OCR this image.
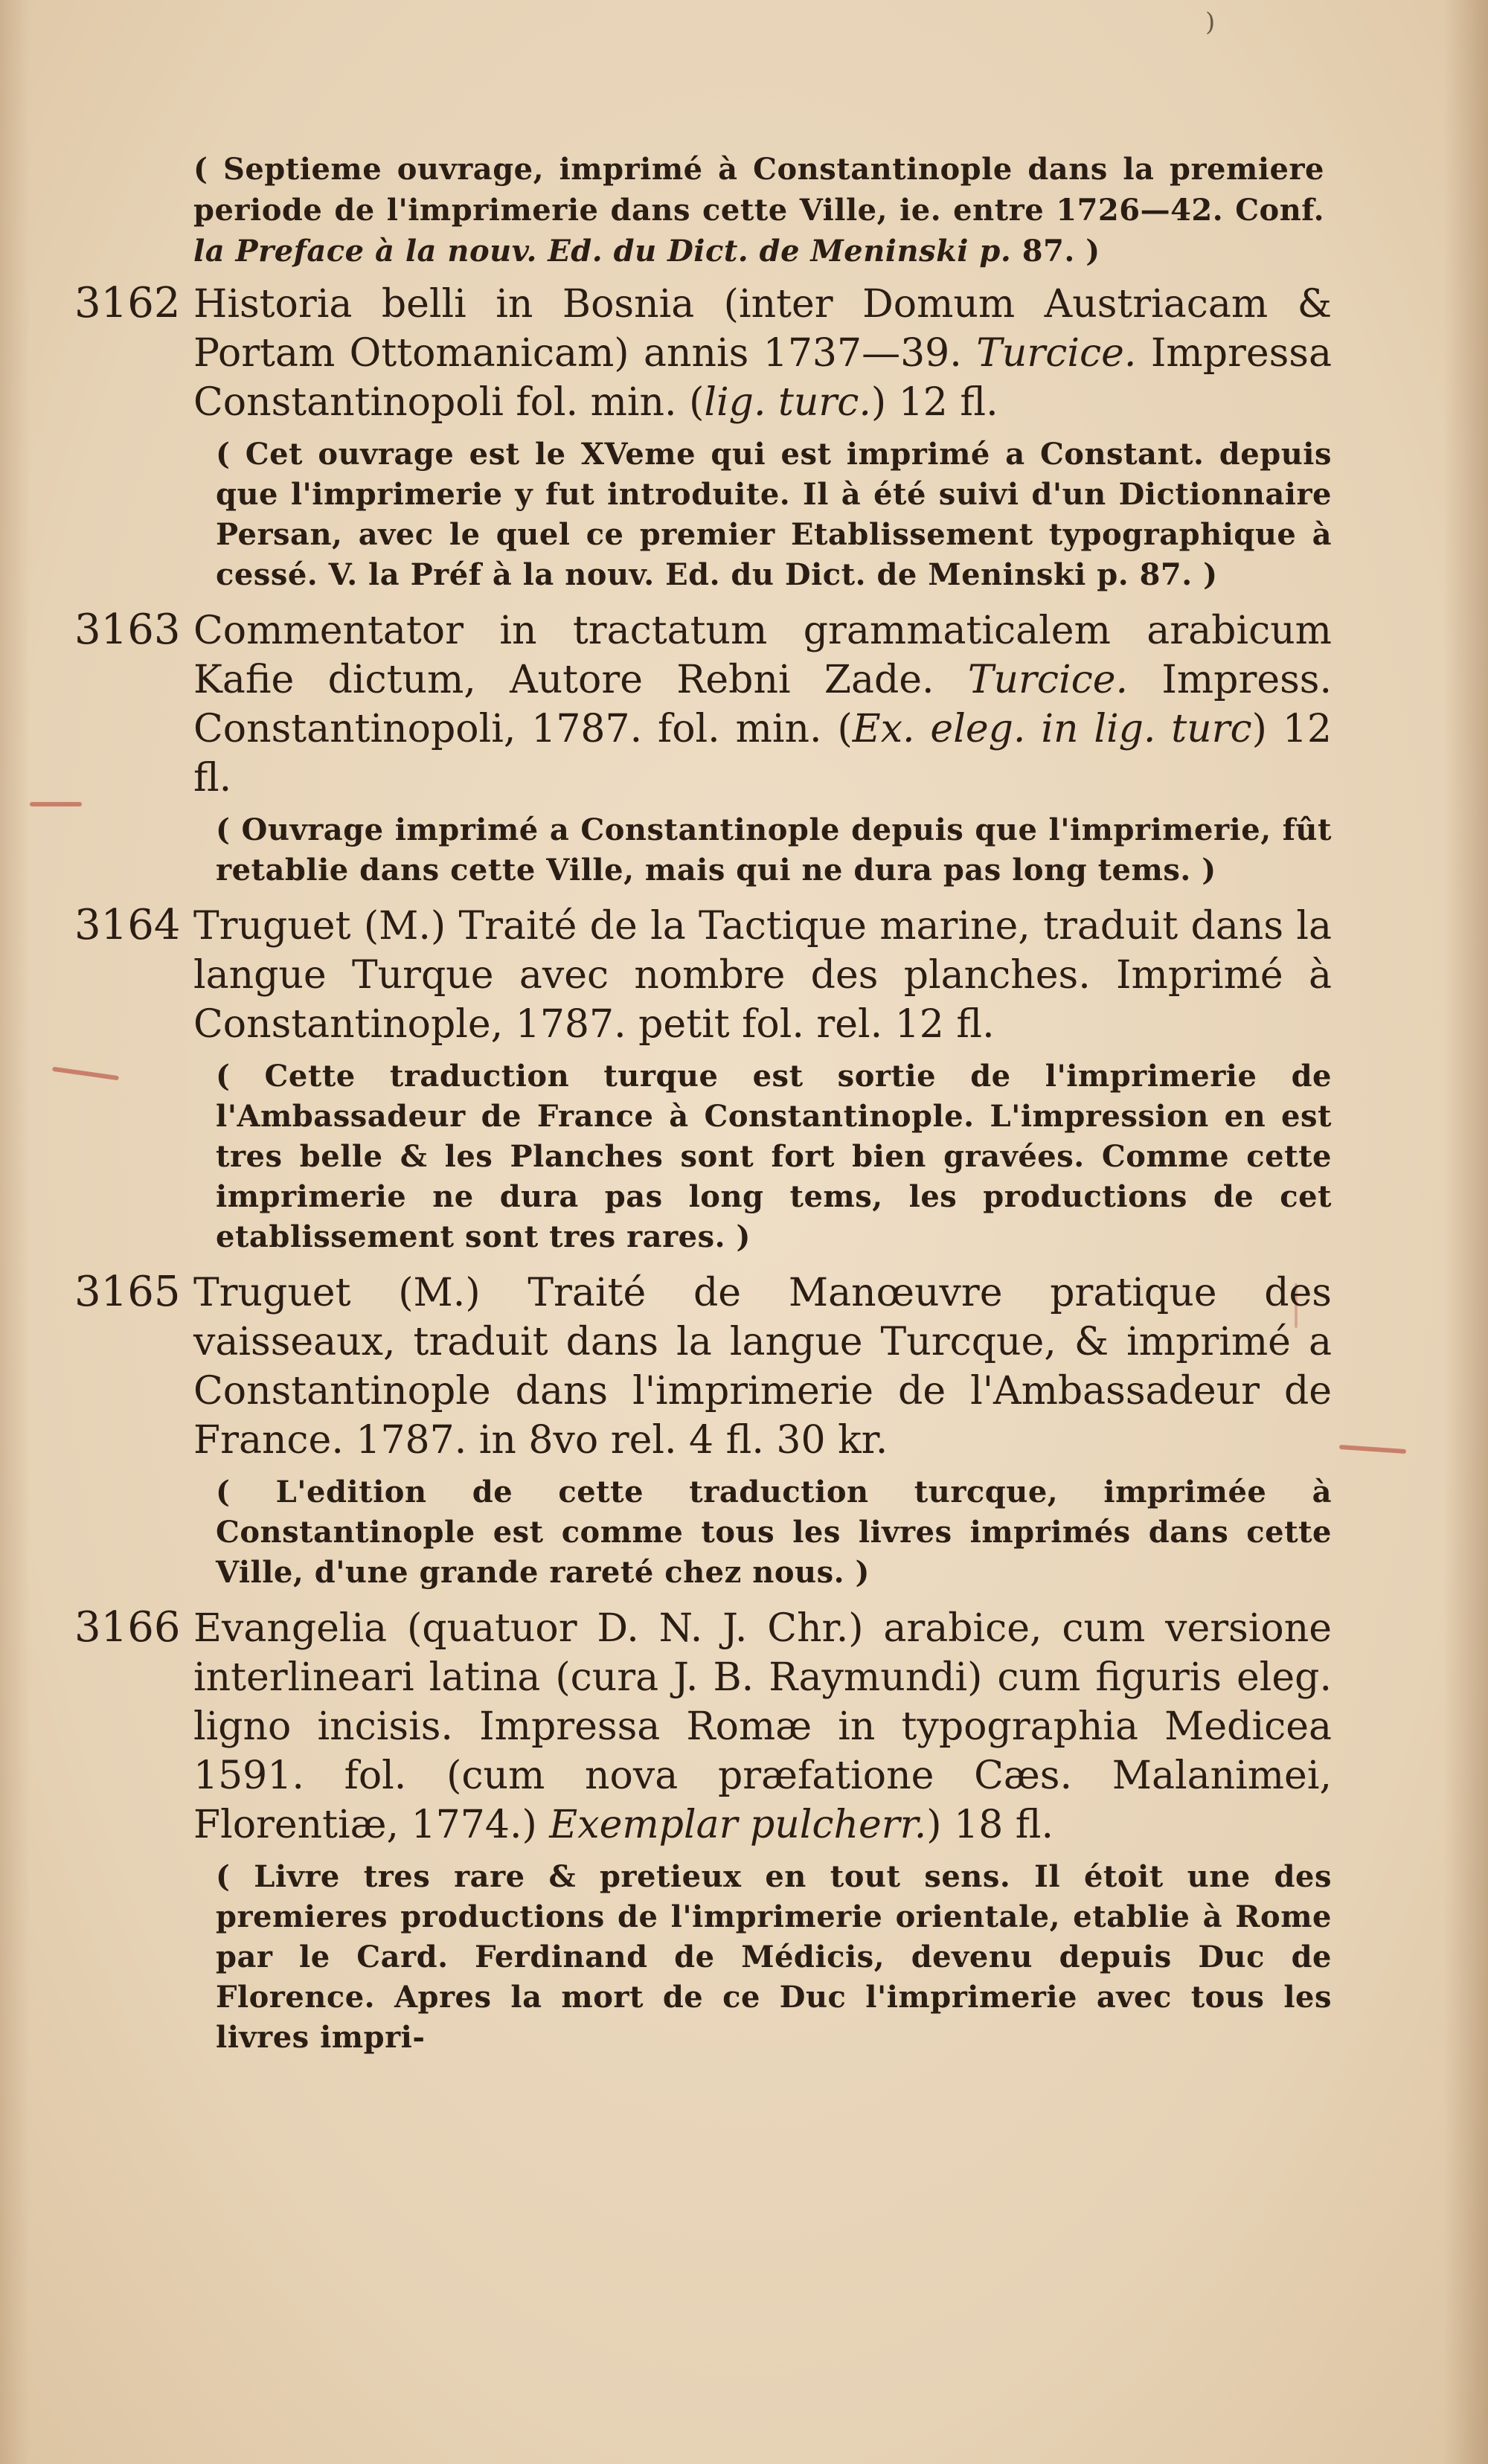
)
( Septieme ouvrage, imprimé à Constantinople dans la premiere periode de l'imprimerie dans cette Ville, ie. entre 1726—42. Conf. la Preface à la nouv. Ed. du Dict. de Meninski p. 87. )
3162 Historia belli in Bosnia (inter Domum Austriacam & Portam Ottomanicam) annis 1737—39. Turcice. Impressa Constantinopoli fol. min. (lig. turc.) 12 fl.
( Cet ouvrage est le XVeme qui est imprimé a Constant. depuis que l'imprimerie y fut introduite. Il à été suivi d'un Dictionnaire Persan, avec le quel ce premier Etablissement typographique à cessé. V. la Préf à la nouv. Ed. du Dict. de Meninski p. 87. )
3163 Commentator in tractatum grammaticalem arabicum Kafie dictum, Autore Rebni Zade. Turcice. Impress. Constantinopoli, 1787. fol. min. (Ex. eleg. in lig. turc) 12 fl.
( Ouvrage imprimé a Constantinople depuis que l'imprimerie, fût retablie dans cette Ville, mais qui ne dura pas long tems. )
3164 Truguet (M.) Traité de la Tactique marine, traduit dans la langue Turque avec nombre des planches. Imprimé à Constantinople, 1787. petit fol. rel. 12 fl.
( Cette traduction turque est sortie de l'imprimerie de l'Ambassadeur de France à Constantinople. L'impression en est tres belle & les Planches sont fort bien gravées. Comme cette imprimerie ne dura pas long tems, les productions de cet etablissement sont tres rares. )
3165 Truguet (M.) Traité de Manœuvre pratique des vaisseaux, traduit dans la langue Turcque, & imprimé a Constantinople dans l'imprimerie de l'Ambassadeur de France. 1787. in 8vo rel. 4 fl. 30 kr.
( L'edition de cette traduction turcque, imprimée à Constantinople est comme tous les livres imprimés dans cette Ville, d'une grande rareté chez nous. )
3166 Evangelia (quatuor D. N. J. Chr.) arabice, cum versione interlineari latina (cura J. B. Raymundi) cum figuris eleg. ligno incisis. Impressa Romæ in typographia Medicea 1591. fol. (cum nova præfatione Cæs. Malanimei, Florentiæ, 1774.) Exemplar pulcherr.) 18 fl.
( Livre tres rare & pretieux en tout sens. Il étoit une des premieres productions de l'imprimerie orientale, etablie à Rome par le Card. Ferdinand de Médicis, devenu depuis Duc de Florence. Apres la mort de ce Duc l'imprimerie avec tous les livres impri-
